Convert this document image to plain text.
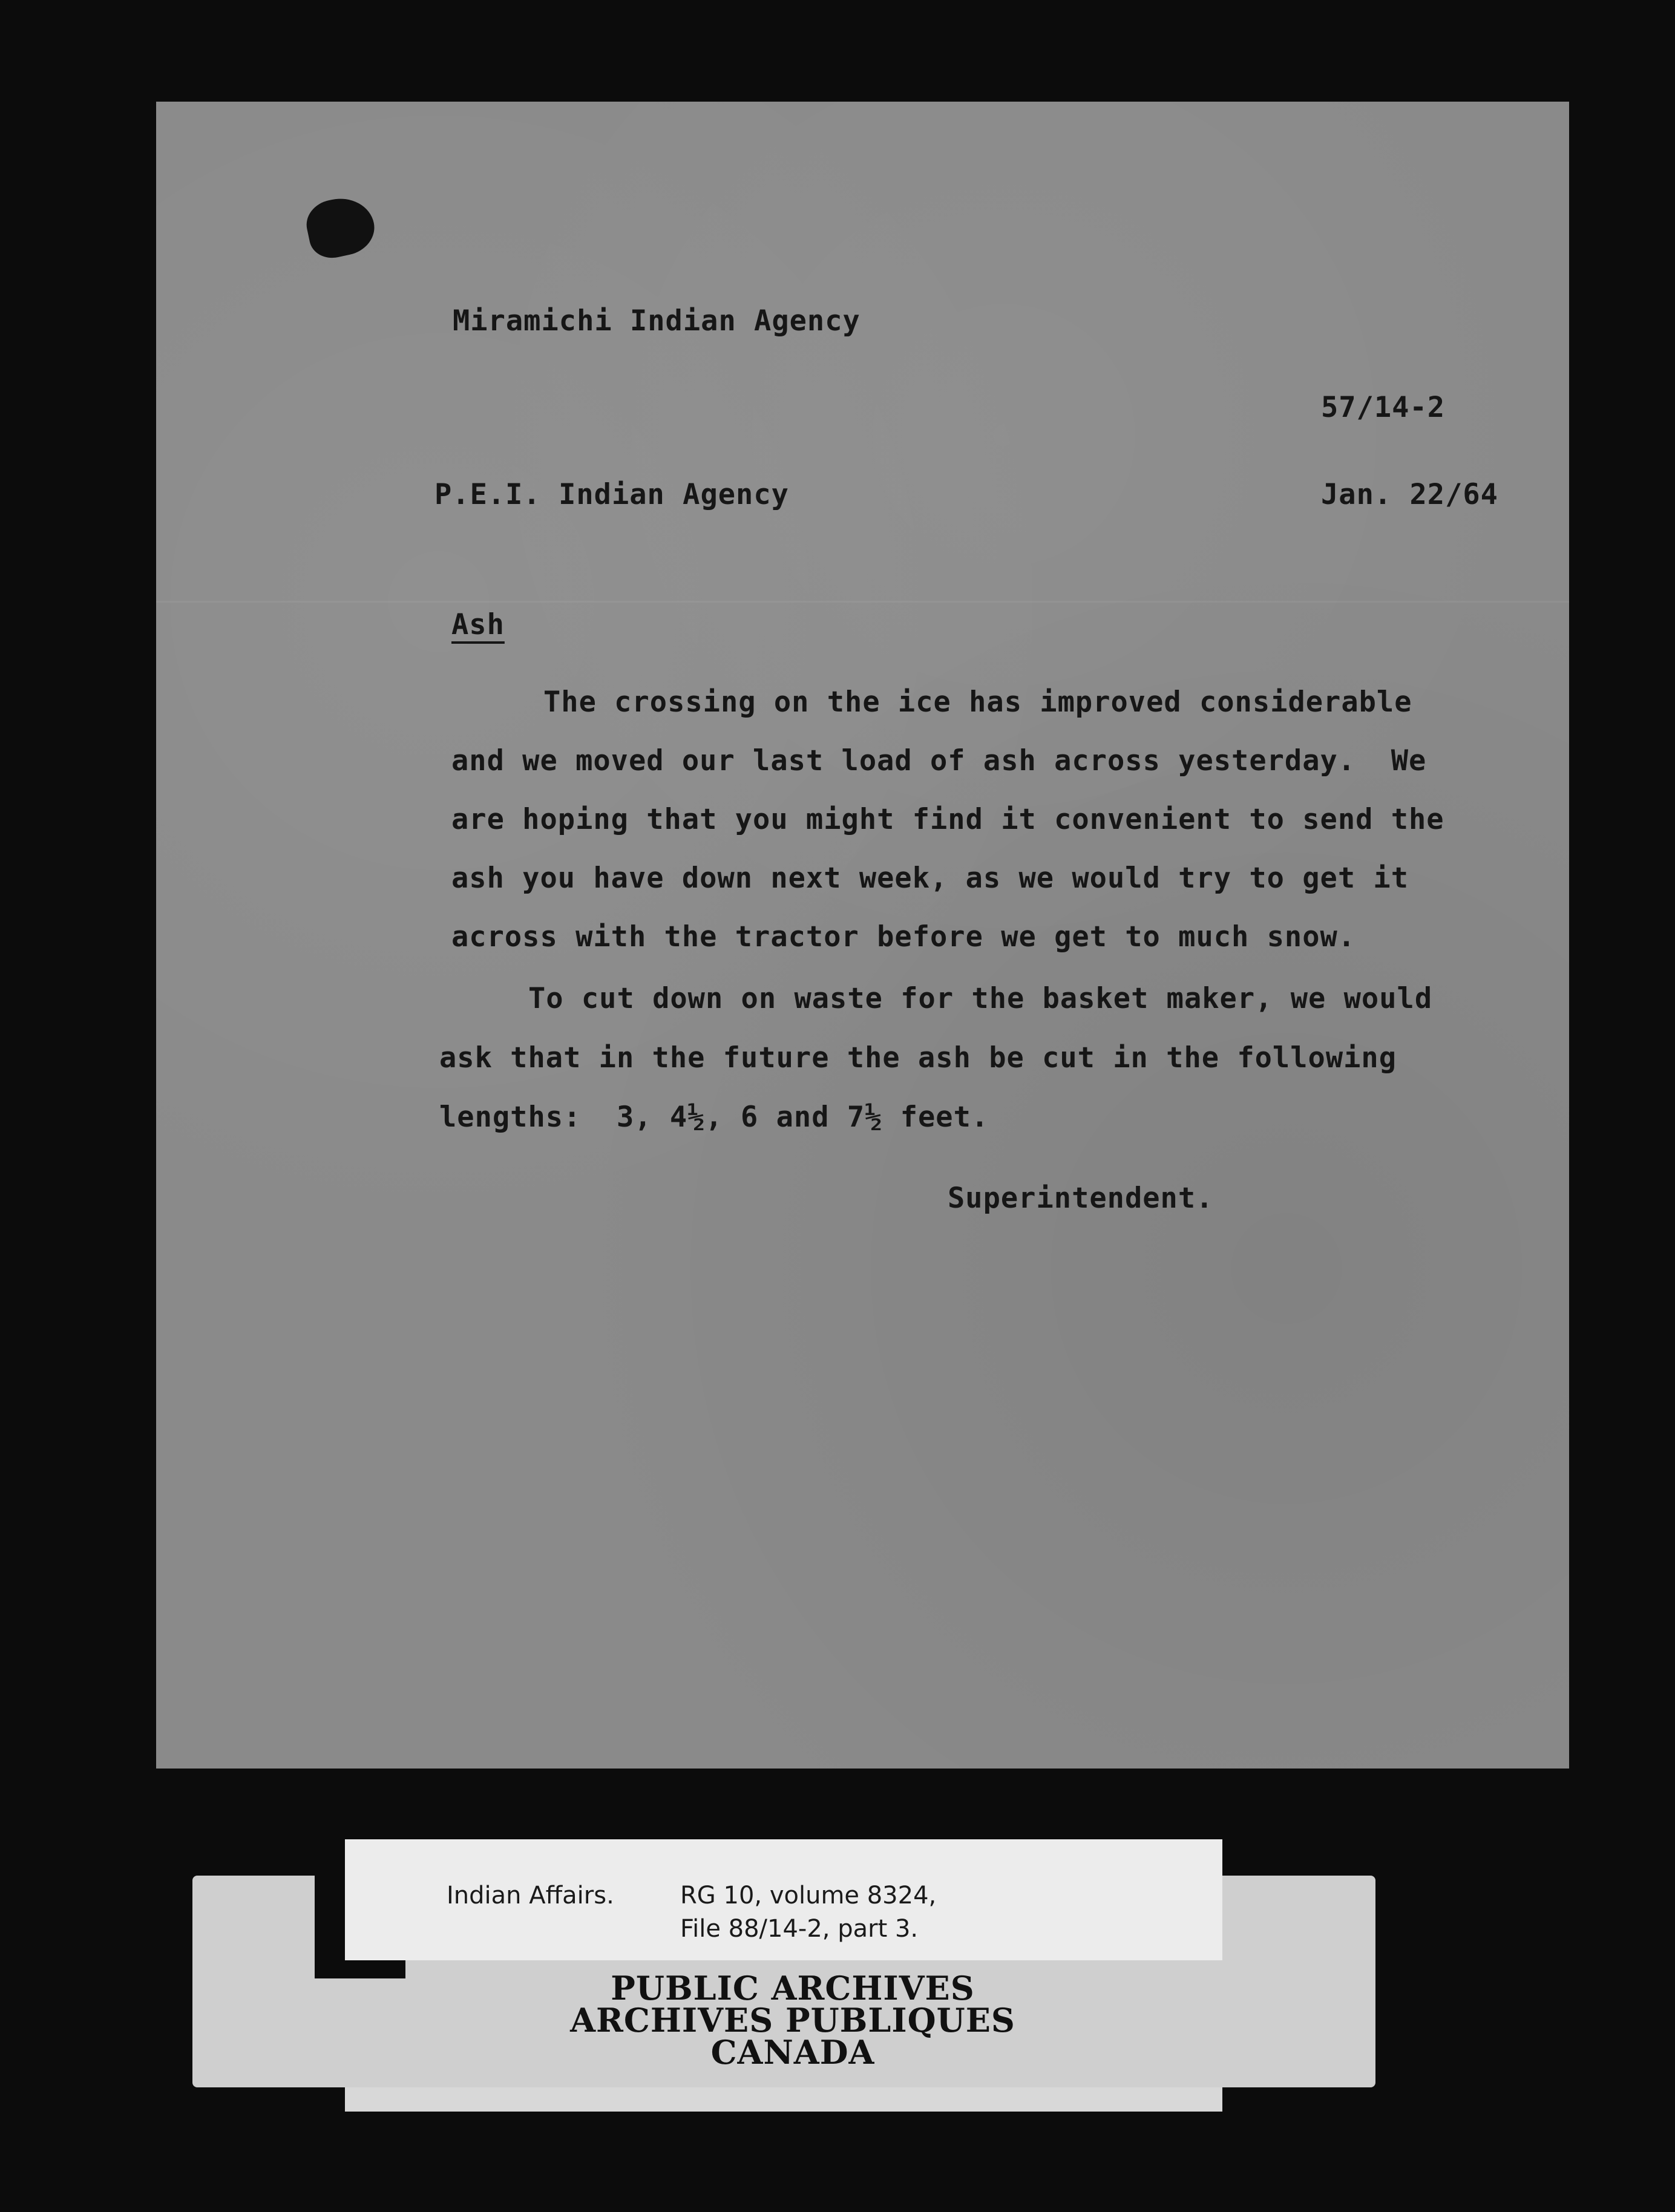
Miramichi Indian Agency
57/14-2
P.E.I. Indian Agency	Jan. 22/64
Ash
The crossing on the ice has improved considerable
and we moved our last load of ash across yesterday.  We
are hoping that you might find it convenient to send the
ash you have down next week, as we would try to get it
across with the tractor before we get to much snow.
To cut down on waste for the basket maker, we would
ask that in the future the ash be cut in the following
lengths:  3, 4½, 6 and 7½ feet.
Superintendent.
Indian Affairs.	RG 10, volume 8324,
File 88/14-2, part 3.
PUBLIC ARCHIVES
ARCHIVES PUBLIQUES
CANADA
